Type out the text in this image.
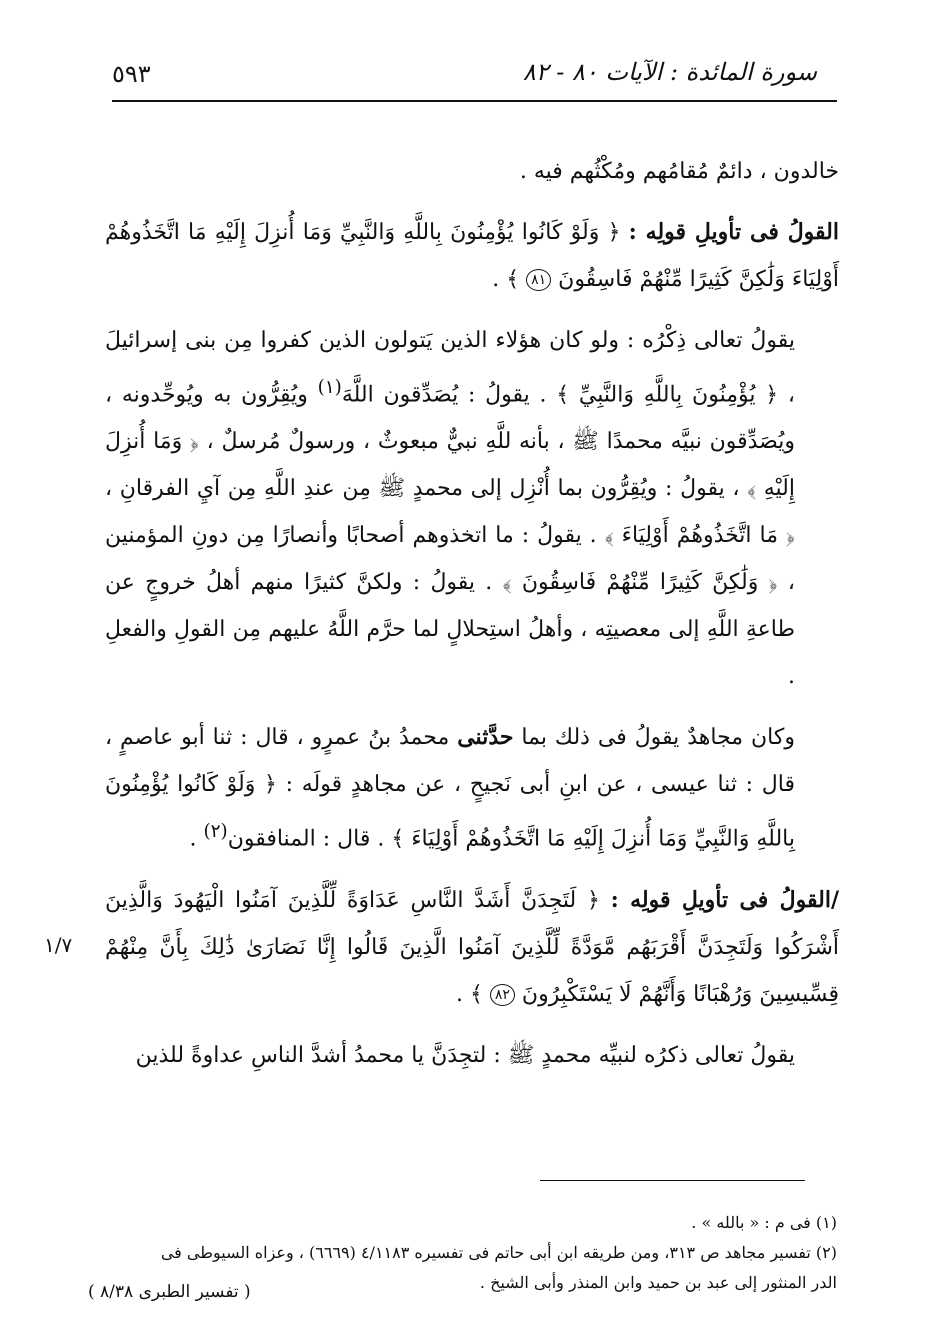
٥٩٣	سورة المائدة : الآيات ٨٠ - ٨٢

خالدون ، دائمٌ مُقامُهم ومُكْثُهم فيه .

القولُ فى تأويلِ قولِه : ﴿ وَلَوْ كَانُوا يُؤْمِنُونَ بِاللَّهِ وَالنَّبِيِّ وَمَا أُنزِلَ إِلَيْهِ مَا اتَّخَذُوهُمْ أَوْلِيَاءَ وَلَٰكِنَّ كَثِيرًا مِّنْهُمْ فَاسِقُونَ ٨١ ﴾ .

يقولُ تعالى ذِكْرُه : ولو كان هؤلاء الذين يَتولون الذين كفروا مِن بنى إسرائيلَ ، ﴿ يُؤْمِنُونَ بِاللَّهِ وَالنَّبِيِّ ﴾ . يقولُ : يُصَدِّقون اللَّهَ$^{(١)}$ ويُقِرُّون به ويُوحِّدونه ، ويُصَدِّقون نبيَّه محمدًا ﷺ ، بأنه للَّهِ نبيٌّ مبعوثٌ ، ورسولٌ مُرسلٌ ، ﴿ وَمَا أُنزِلَ إِلَيْهِ ﴾ ، يقولُ : ويُقِرُّون بما أُنْزِل إلى محمدٍ ﷺ مِن عندِ اللَّهِ مِن آيِ الفرقانِ ، ﴿ مَا اتَّخَذُوهُمْ أَوْلِيَاءَ ﴾ . يقولُ : ما اتخذوهم أصحابًا وأنصارًا مِن دونِ المؤمنين ، ﴿ وَلَٰكِنَّ كَثِيرًا مِّنْهُمْ فَاسِقُونَ ﴾ . يقولُ : ولكنَّ كثيرًا منهم أهلُ خروجٍ عن طاعةِ اللَّهِ إلى معصيتِه ، وأهلُ استِحلالٍ لما حرَّم اللَّهُ عليهم مِن القولِ والفعلِ .

وكان مجاهدٌ يقولُ فى ذلك بما حدَّثنى محمدُ بنُ عمرٍو ، قال : ثنا أبو عاصمٍ ، قال : ثنا عيسى ، عن ابنِ أبى نَجيحٍ ، عن مجاهدٍ قولَه : ﴿ وَلَوْ كَانُوا يُؤْمِنُونَ بِاللَّهِ وَالنَّبِيِّ وَمَا أُنزِلَ إِلَيْهِ مَا اتَّخَذُوهُمْ أَوْلِيَاءَ ﴾ . قال : المنافقون$^{(٢)}$ .

/القولُ فى تأويلِ قولِه : ﴿ لَتَجِدَنَّ أَشَدَّ النَّاسِ عَدَاوَةً لِّلَّذِينَ آمَنُوا الْيَهُودَ وَالَّذِينَ أَشْرَكُوا وَلَتَجِدَنَّ أَقْرَبَهُم مَّوَدَّةً لِّلَّذِينَ آمَنُوا الَّذِينَ قَالُوا إِنَّا نَصَارَىٰ ذَٰلِكَ بِأَنَّ مِنْهُمْ قِسِّيسِينَ وَرُهْبَانًا وَأَنَّهُمْ لَا يَسْتَكْبِرُونَ ٨٢ ﴾ .

يقولُ تعالى ذكرُه لنبيِّه محمدٍ ﷺ : لتجِدَنَّ يا محمدُ أشدَّ الناسِ عداوةً للذين

١/٧

(١) فى م : « بالله » .

(٢) تفسير مجاهد ص ٣١٣، ومن طريقه ابن أبى حاتم فى تفسيره ٤/١١٨٣ (٦٦٦٩) ، وعزاه السيوطى فى

الدر المنثور إلى عبد بن حميد وابن المنذر وأبى الشيخ .

( تفسير الطبرى ٨/٣٨ )
